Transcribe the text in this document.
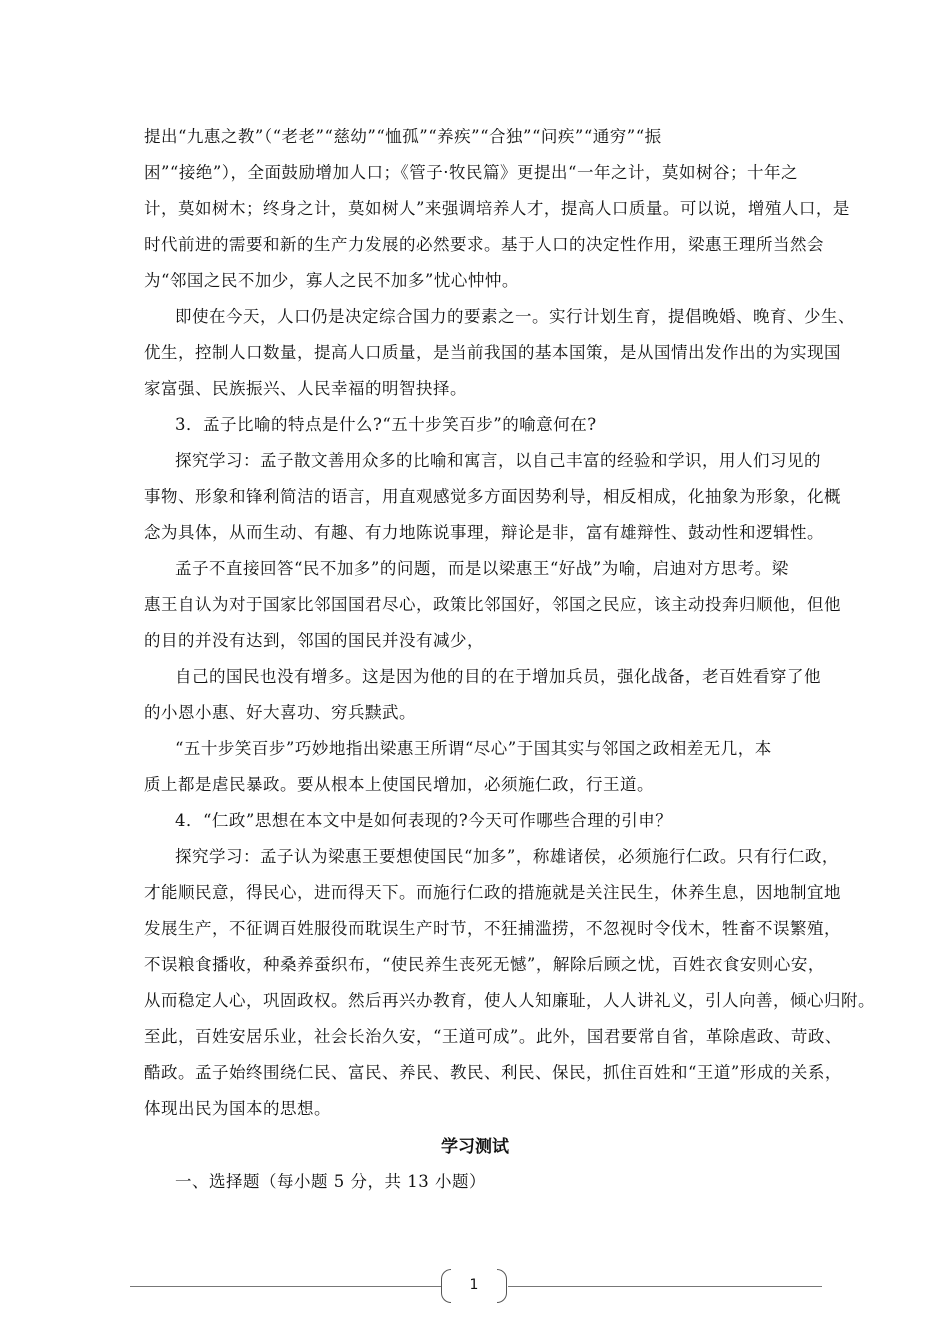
提出“九惠之教”（“老老”“慈幼”“恤孤”“养疾”“合独”“问疾”“通穷”“振
困”“接绝”），全面鼓励增加人口；《管子·牧民篇》更提出“一年之计，莫如树谷；十年之
计，莫如树木；终身之计，莫如树人”来强调培养人才，提高人口质量。可以说，增殖人口，是
时代前进的需要和新的生产力发展的必然要求。基于人口的决定性作用，梁惠王理所当然会
为“邻国之民不加少，寡人之民不加多”忧心忡忡。
即使在今天，人口仍是决定综合国力的要素之一。实行计划生育，提倡晚婚、晚育、少生、
优生，控制人口数量，提高人口质量，是当前我国的基本国策，是从国情出发作出的为实现国
家富强、民族振兴、人民幸福的明智抉择。
3．孟子比喻的特点是什么?“五十步笑百步”的喻意何在?
探究学习：孟子散文善用众多的比喻和寓言，以自己丰富的经验和学识，用人们习见的
事物、形象和锋利简洁的语言，用直观感觉多方面因势利导，相反相成，化抽象为形象，化概
念为具体，从而生动、有趣、有力地陈说事理，辩论是非，富有雄辩性、鼓动性和逻辑性。
孟子不直接回答“民不加多”的问题，而是以梁惠王“好战”为喻，启迪对方思考。梁
惠王自认为对于国家比邻国国君尽心，政策比邻国好，邻国之民应，该主动投奔归顺他，但他
的目的并没有达到，邻国的国民并没有减少，
自己的国民也没有增多。这是因为他的目的在于增加兵员，强化战备，老百姓看穿了他
的小恩小惠、好大喜功、穷兵黩武。
“五十步笑百步”巧妙地指出梁惠王所谓“尽心”于国其实与邻国之政相差无几，本
质上都是虐民暴政。要从根本上使国民增加，必须施仁政，行王道。
4．“仁政”思想在本文中是如何表现的?今天可作哪些合理的引申？
探究学习：孟子认为梁惠王要想使国民“加多”，称雄诸侯，必须施行仁政。只有行仁政，
才能顺民意，得民心，进而得天下。而施行仁政的措施就是关注民生，休养生息，因地制宜地
发展生产，不征调百姓服役而耽误生产时节，不狂捕滥捞，不忽视时令伐木，牲畜不误繁殖，
不误粮食播收，种桑养蚕织布，“使民养生丧死无憾”，解除后顾之忧，百姓衣食安则心安，
从而稳定人心，巩固政权。然后再兴办教育，使人人知廉耻，人人讲礼义，引人向善，倾心归附。
至此，百姓安居乐业，社会长治久安，“王道可成”。此外，国君要常自省，革除虐政、苛政、
酷政。孟子始终围绕仁民、富民、养民、教民、利民、保民，抓住百姓和“王道”形成的关系，
体现出民为国本的思想。
学习测试
一、选择题（每小题 5 分，共 13 小题）
1
